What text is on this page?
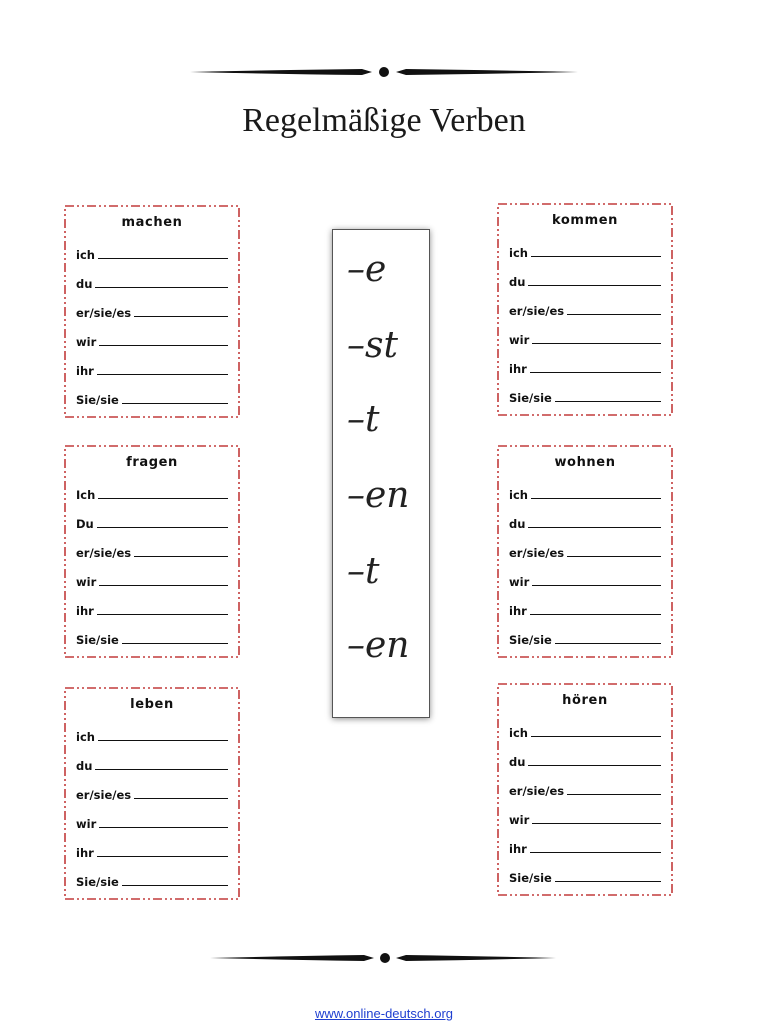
Regelmäßige Verben
machen
ich
du
er/sie/es
wir
ihr
Sie/sie
fragen
Ich
Du
er/sie/es
wir
ihr
Sie/sie
leben
ich
du
er/sie/es
wir
ihr
Sie/sie
kommen
ich
du
er/sie/es
wir
ihr
Sie/sie
wohnen
ich
du
er/sie/es
wir
ihr
Sie/sie
hören
ich
du
er/sie/es
wir
ihr
Sie/sie
–e
–st
–t
–en
–t
–en
www.online-deutsch.org
